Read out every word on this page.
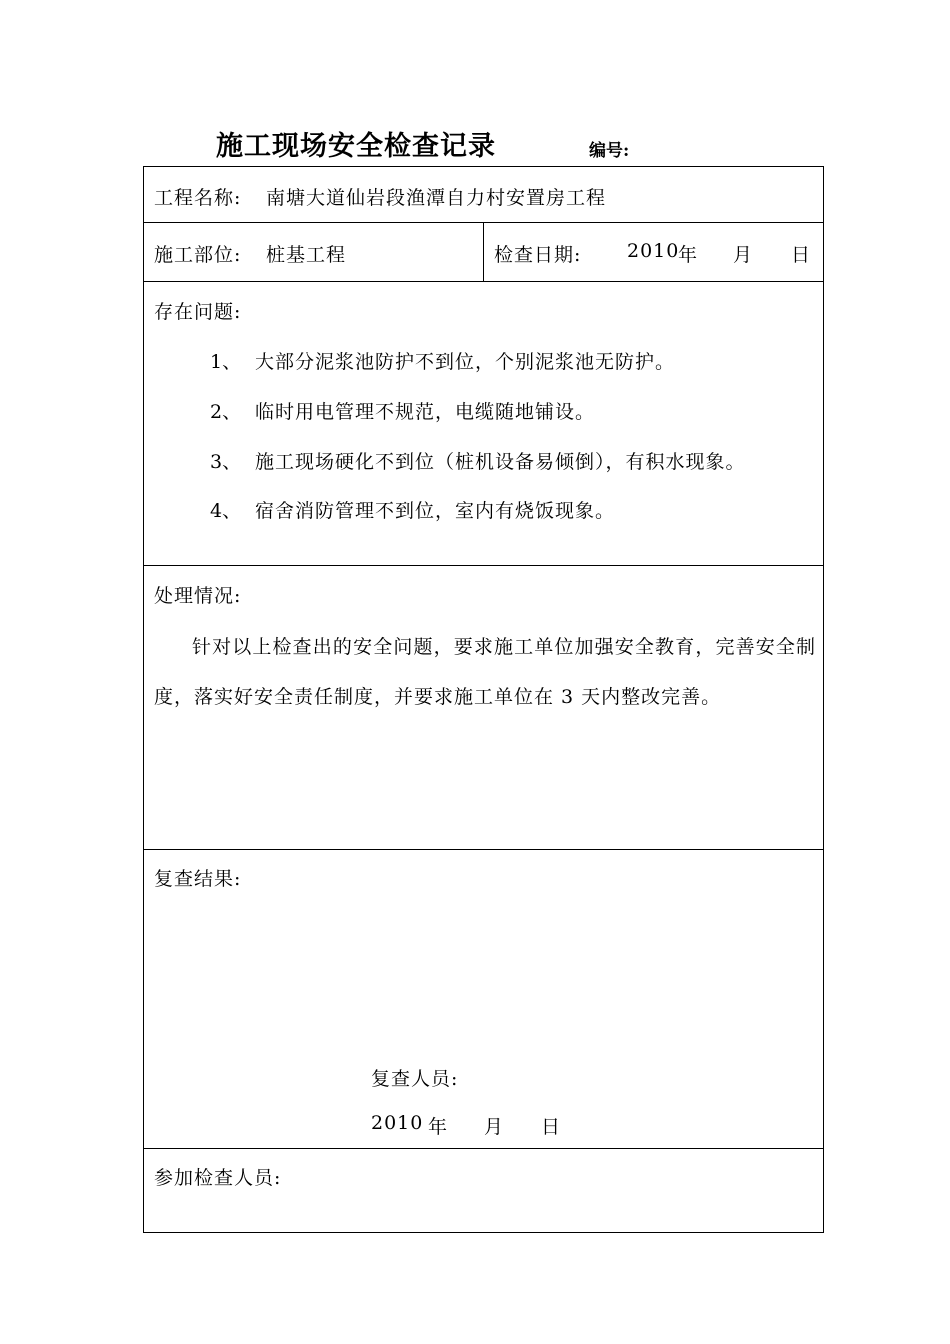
施工现场安全检查记录	编号:
工程名称: 南塘大道仙岩段渔潭自力村安置房工程
施工部位: 桩基工程	检查日期: 2010
年 月 日
存在问题:
1、 大部分泥浆池防护不到位，个别泥浆池无防护。
2、 临时用电管理不规范，电缆随地铺设。
3、 施工现场硬化不到位（桩机设备易倾倒），有积水现象。
4、 宿舍消防管理不到位，室内有烧饭现象。
处理情况:
针对以上检查出的安全问题，要求施工单位加强安全教育，完善安全制度，落实好安全责任制度，并要求施工单位在 3 天内整改完善。
复查结果:
复查人员:
2010 年 月 日
参加检查人员:
